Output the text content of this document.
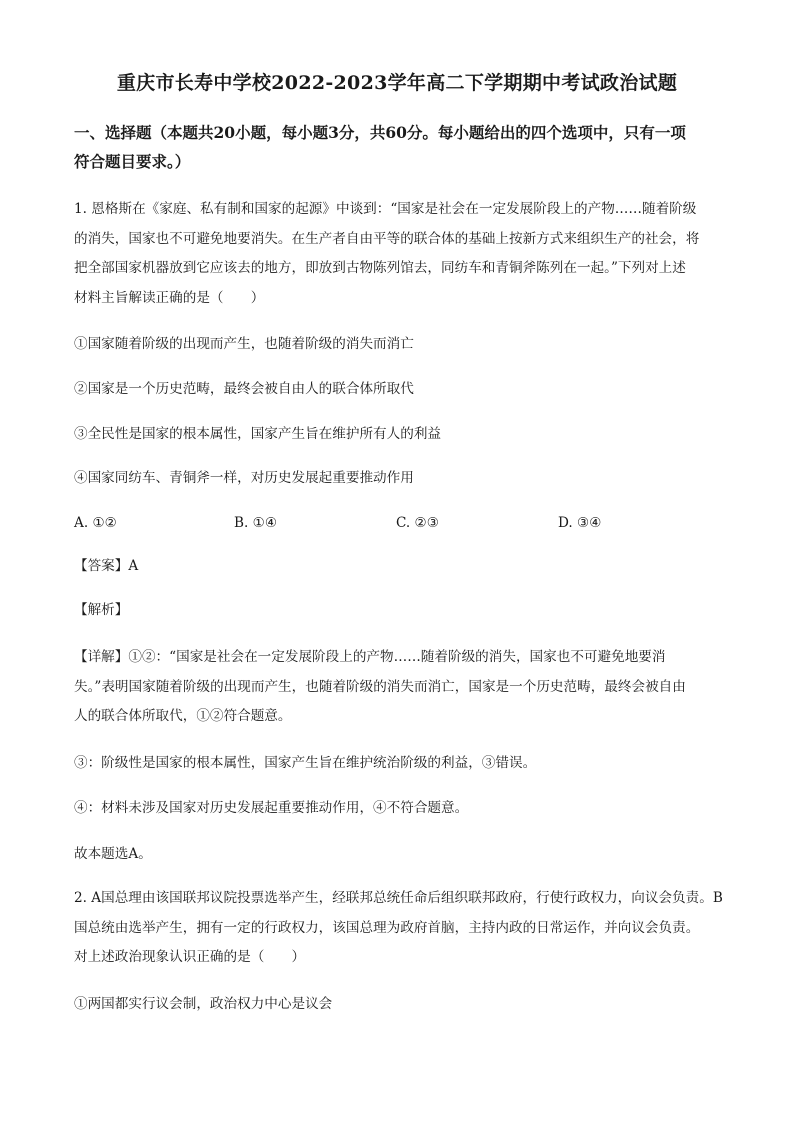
重庆市长寿中学校2022-2023学年高二下学期期中考试政治试题
一、选择题（本题共20小题，每小题3分，共60分。每小题给出的四个选项中，只有一项
符合题目要求。）
1. 恩格斯在《家庭、私有制和国家的起源》中谈到：“国家是社会在一定发展阶段上的产物……随着阶级
的消失，国家也不可避免地要消失。在生产者自由平等的联合体的基础上按新方式来组织生产的社会，将
把全部国家机器放到它应该去的地方，即放到古物陈列馆去，同纺车和青铜斧陈列在一起。”下列对上述
材料主旨解读正确的是（　　）
①国家随着阶级的出现而产生，也随着阶级的消失而消亡
②国家是一个历史范畴，最终会被自由人的联合体所取代
③全民性是国家的根本属性，国家产生旨在维护所有人的利益
④国家同纺车、青铜斧一样，对历史发展起重要推动作用
A. ①②	B. ①④	C. ②③	D. ③④
【答案】A
【解析】
【详解】①②：“国家是社会在一定发展阶段上的产物……随着阶级的消失，国家也不可避免地要消
失。”表明国家随着阶级的出现而产生，也随着阶级的消失而消亡，国家是一个历史范畴，最终会被自由
人的联合体所取代，①②符合题意。
③：阶级性是国家的根本属性，国家产生旨在维护统治阶级的利益，③错误。
④：材料未涉及国家对历史发展起重要推动作用，④不符合题意。
故本题选A。
2. A国总理由该国联邦议院投票选举产生，经联邦总统任命后组织联邦政府，行使行政权力，向议会负责。B
国总统由选举产生，拥有一定的行政权力，该国总理为政府首脑，主持内政的日常运作，并向议会负责。
对上述政治现象认识正确的是（　　）
①两国都实行议会制，政治权力中心是议会
